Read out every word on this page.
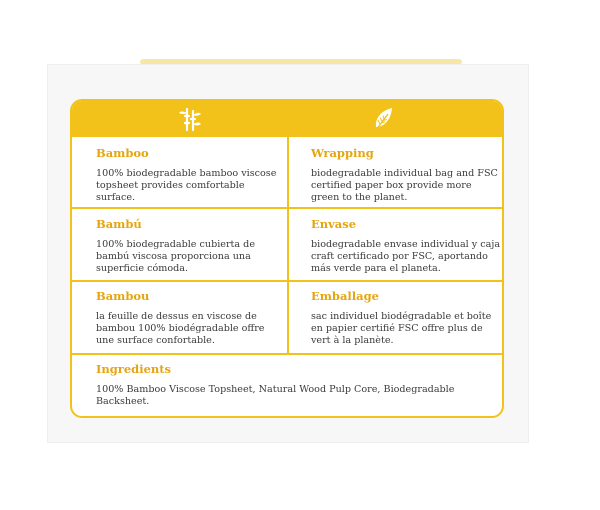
Bamboo

100% biodegradable bamboo viscose topsheet provides comfortable surface.

Wrapping

biodegradable individual bag and FSC certified paper box provide more green to the planet.

Bambú

100% biodegradable cubierta de bambú viscosa proporciona una superficie cómoda.

Envase

biodegradable envase individual y caja craft certificado por FSC, aportando más verde para el planeta.

Bambou

la feuille de dessus en viscose de bambou 100% biodégradable offre une surface confortable.

Emballage

sac individuel biodégradable et boîte en papier certifié FSC offre plus de vert à la planète.

Ingredients

100% Bamboo Viscose Topsheet, Natural Wood Pulp Core, Biodegradable Backsheet.
